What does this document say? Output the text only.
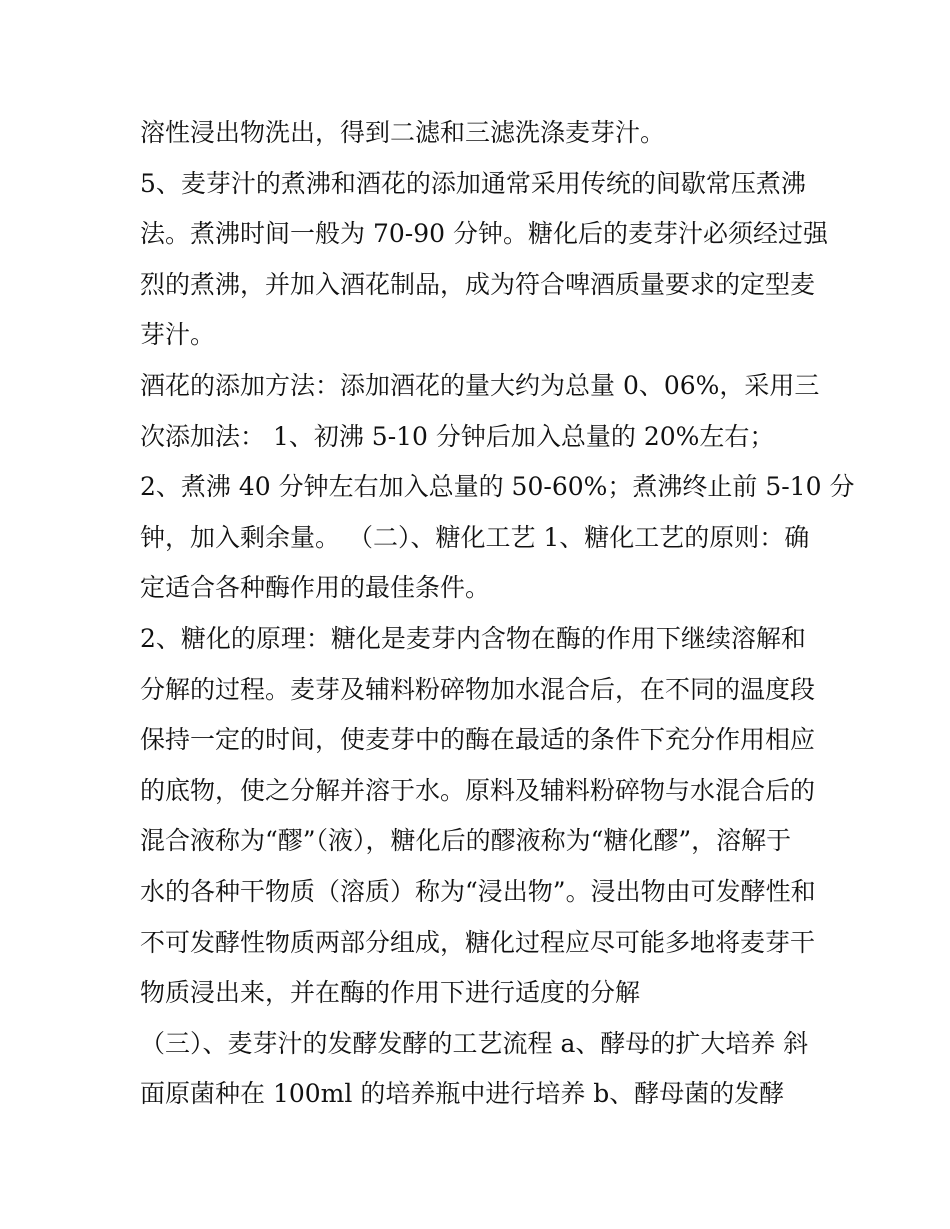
溶性浸出物洗出，得到二滤和三滤洗涤麦芽汁。
5、麦芽汁的煮沸和酒花的添加通常采用传统的间歇常压煮沸
法。煮沸时间一般为 70-90 分钟。糖化后的麦芽汁必须经过强
烈的煮沸，并加入酒花制品，成为符合啤酒质量要求的定型麦
芽汁。
酒花的添加方法：添加酒花的量大约为总量 0、06%，采用三
次添加法： 1、初沸 5-10 分钟后加入总量的 20%左右；
2、煮沸 40 分钟左右加入总量的 50-60%；煮沸终止前 5-10 分
钟，加入剩余量。 （二）、糖化工艺 1、糖化工艺的原则：确
定适合各种酶作用的最佳条件。
2、糖化的原理：糖化是麦芽内含物在酶的作用下继续溶解和
分解的过程。麦芽及辅料粉碎物加水混合后，在不同的温度段
保持一定的时间，使麦芽中的酶在最适的条件下充分作用相应
的底物，使之分解并溶于水。原料及辅料粉碎物与水混合后的
混合液称为“醪”（液），糖化后的醪液称为“糖化醪”，溶解于
水的各种干物质（溶质）称为“浸出物”。浸出物由可发酵性和
不可发酵性物质两部分组成，糖化过程应尽可能多地将麦芽干
物质浸出来，并在酶的作用下进行适度的分解
（三）、麦芽汁的发酵发酵的工艺流程 a、酵母的扩大培养 斜
面原菌种在 100ml 的培养瓶中进行培养 b、酵母菌的发酵
